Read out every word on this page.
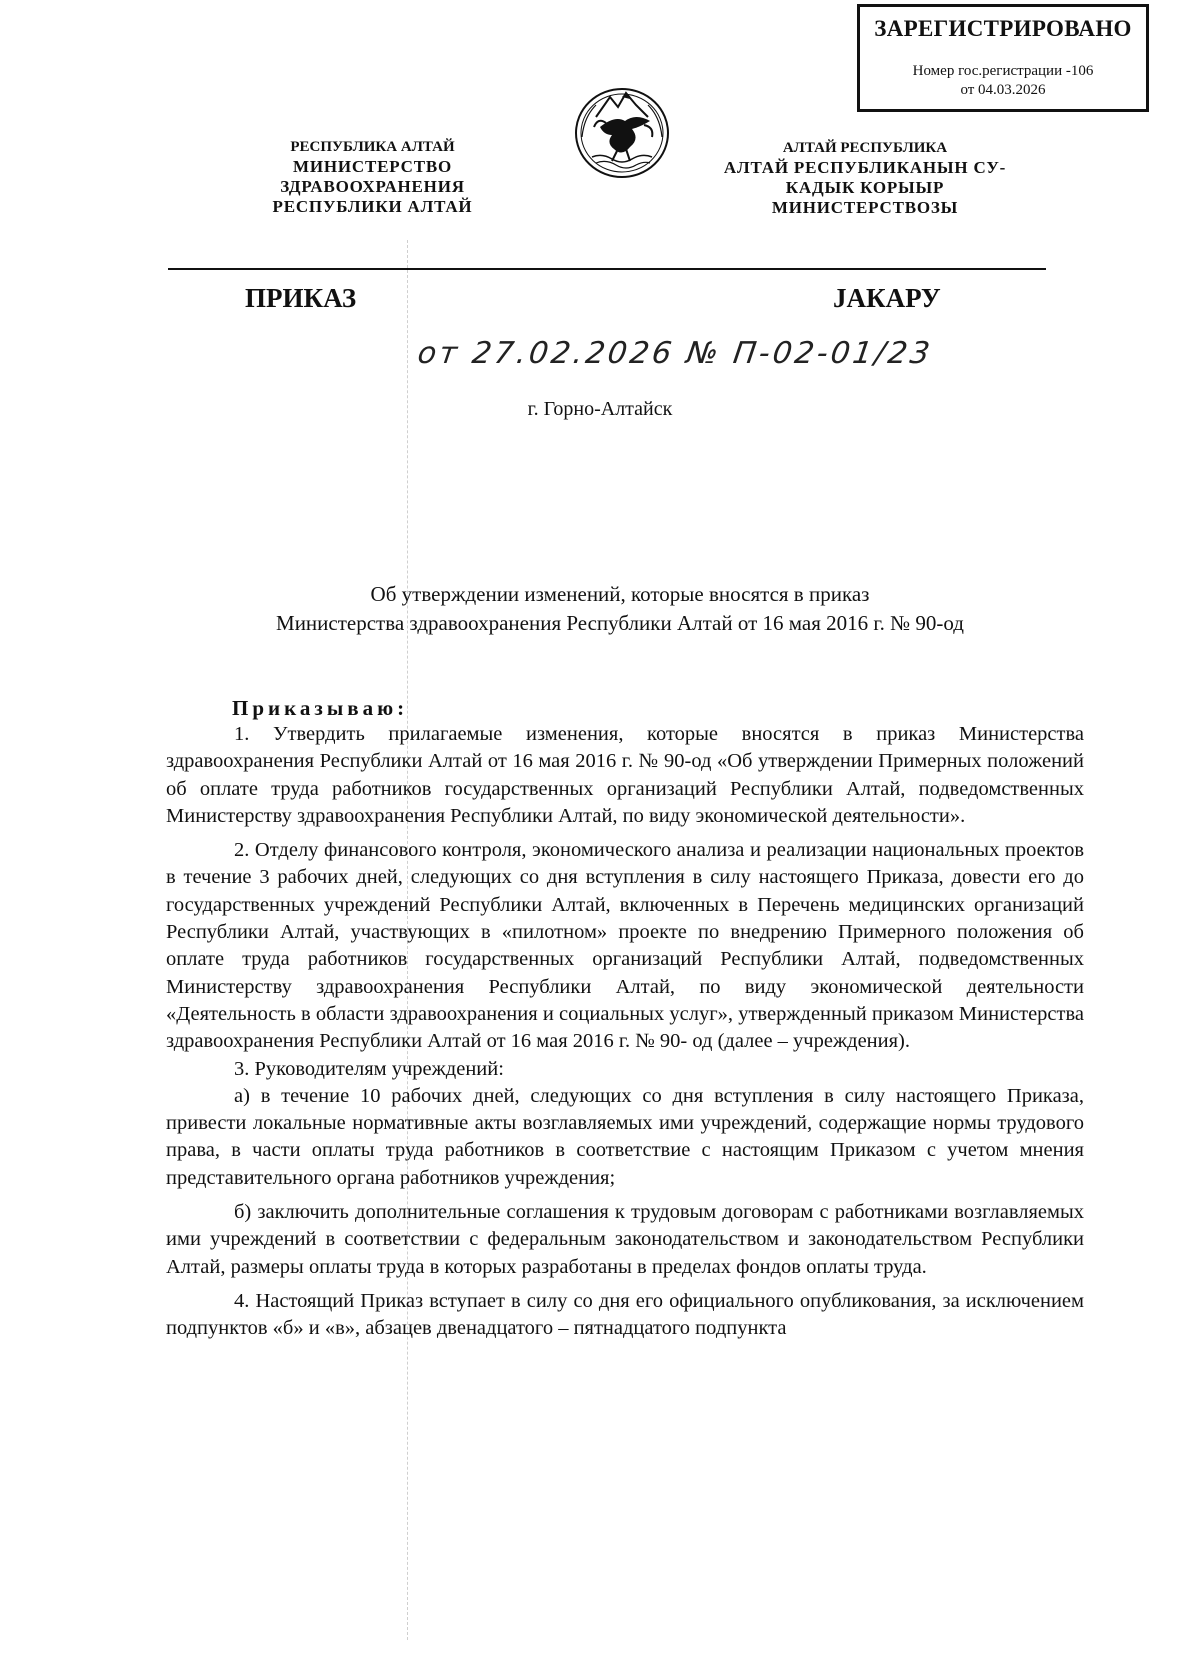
ЗАРЕГИСТРИРОВАНО
Номер гос.регистрации -106
от 04.03.2026
РЕСПУБЛИКА АЛТАЙ
МИНИСТЕРСТВО
ЗДРАВООХРАНЕНИЯ
РЕСПУБЛИКИ АЛТАЙ
АЛТАЙ РЕСПУБЛИКА
АЛТАЙ РЕСПУБЛИКАНЫН СУ-
КАДЫК КОРЫЫР
МИНИСТЕРСТВОЗЫ
ПРИКАЗ	ЈАКАРУ
от 27.02.2026 № П-02-01/23
г. Горно-Алтайск
Об утверждении изменений, которые вносятся в приказ
Министерства здравоохранения Республики Алтай от 16 мая 2016 г. № 90-од
Приказываю:

1. Утвердить прилагаемые изменения, которые вносятся в приказ Министерства здравоохранения Республики Алтай от 16 мая 2016 г. № 90-од «Об утверждении Примерных положений об оплате труда работников государственных организаций Республики Алтай, подведомственных Министерству здравоохранения Республики Алтай, по виду экономической деятельности».

2. Отделу финансового контроля, экономического анализа и реализации национальных проектов в течение 3 рабочих дней, следующих со дня вступления в силу настоящего Приказа, довести его до государственных учреждений Республики Алтай, включенных в Перечень медицинских организаций Республики Алтай, участвующих в «пилотном» проекте по внедрению Примерного положения об оплате труда работников государственных организаций Республики Алтай, подведомственных Министерству здравоохранения Республики Алтай, по виду экономической деятельности «Деятельность в области здравоохранения и социальных услуг», утвержденный приказом Министерства здравоохранения Республики Алтай от 16 мая 2016 г. № 90- од (далее – учреждения).

3. Руководителям учреждений:

а) в течение 10 рабочих дней, следующих со дня вступления в силу настоящего Приказа, привести локальные нормативные акты возглавляемых ими учреждений, содержащие нормы трудового права, в части оплаты труда работников в соответствие с настоящим Приказом с учетом мнения представительного органа работников учреждения;

б) заключить дополнительные соглашения к трудовым договорам с работниками возглавляемых ими учреждений в соответствии с федеральным законодательством и законодательством Республики Алтай, размеры оплаты труда в которых разработаны в пределах фондов оплаты труда.

4. Настоящий Приказ вступает в силу со дня его официального опубликования, за исключением подпунктов «б» и «в», абзацев двенадцатого – пятнадцатого подпункта
